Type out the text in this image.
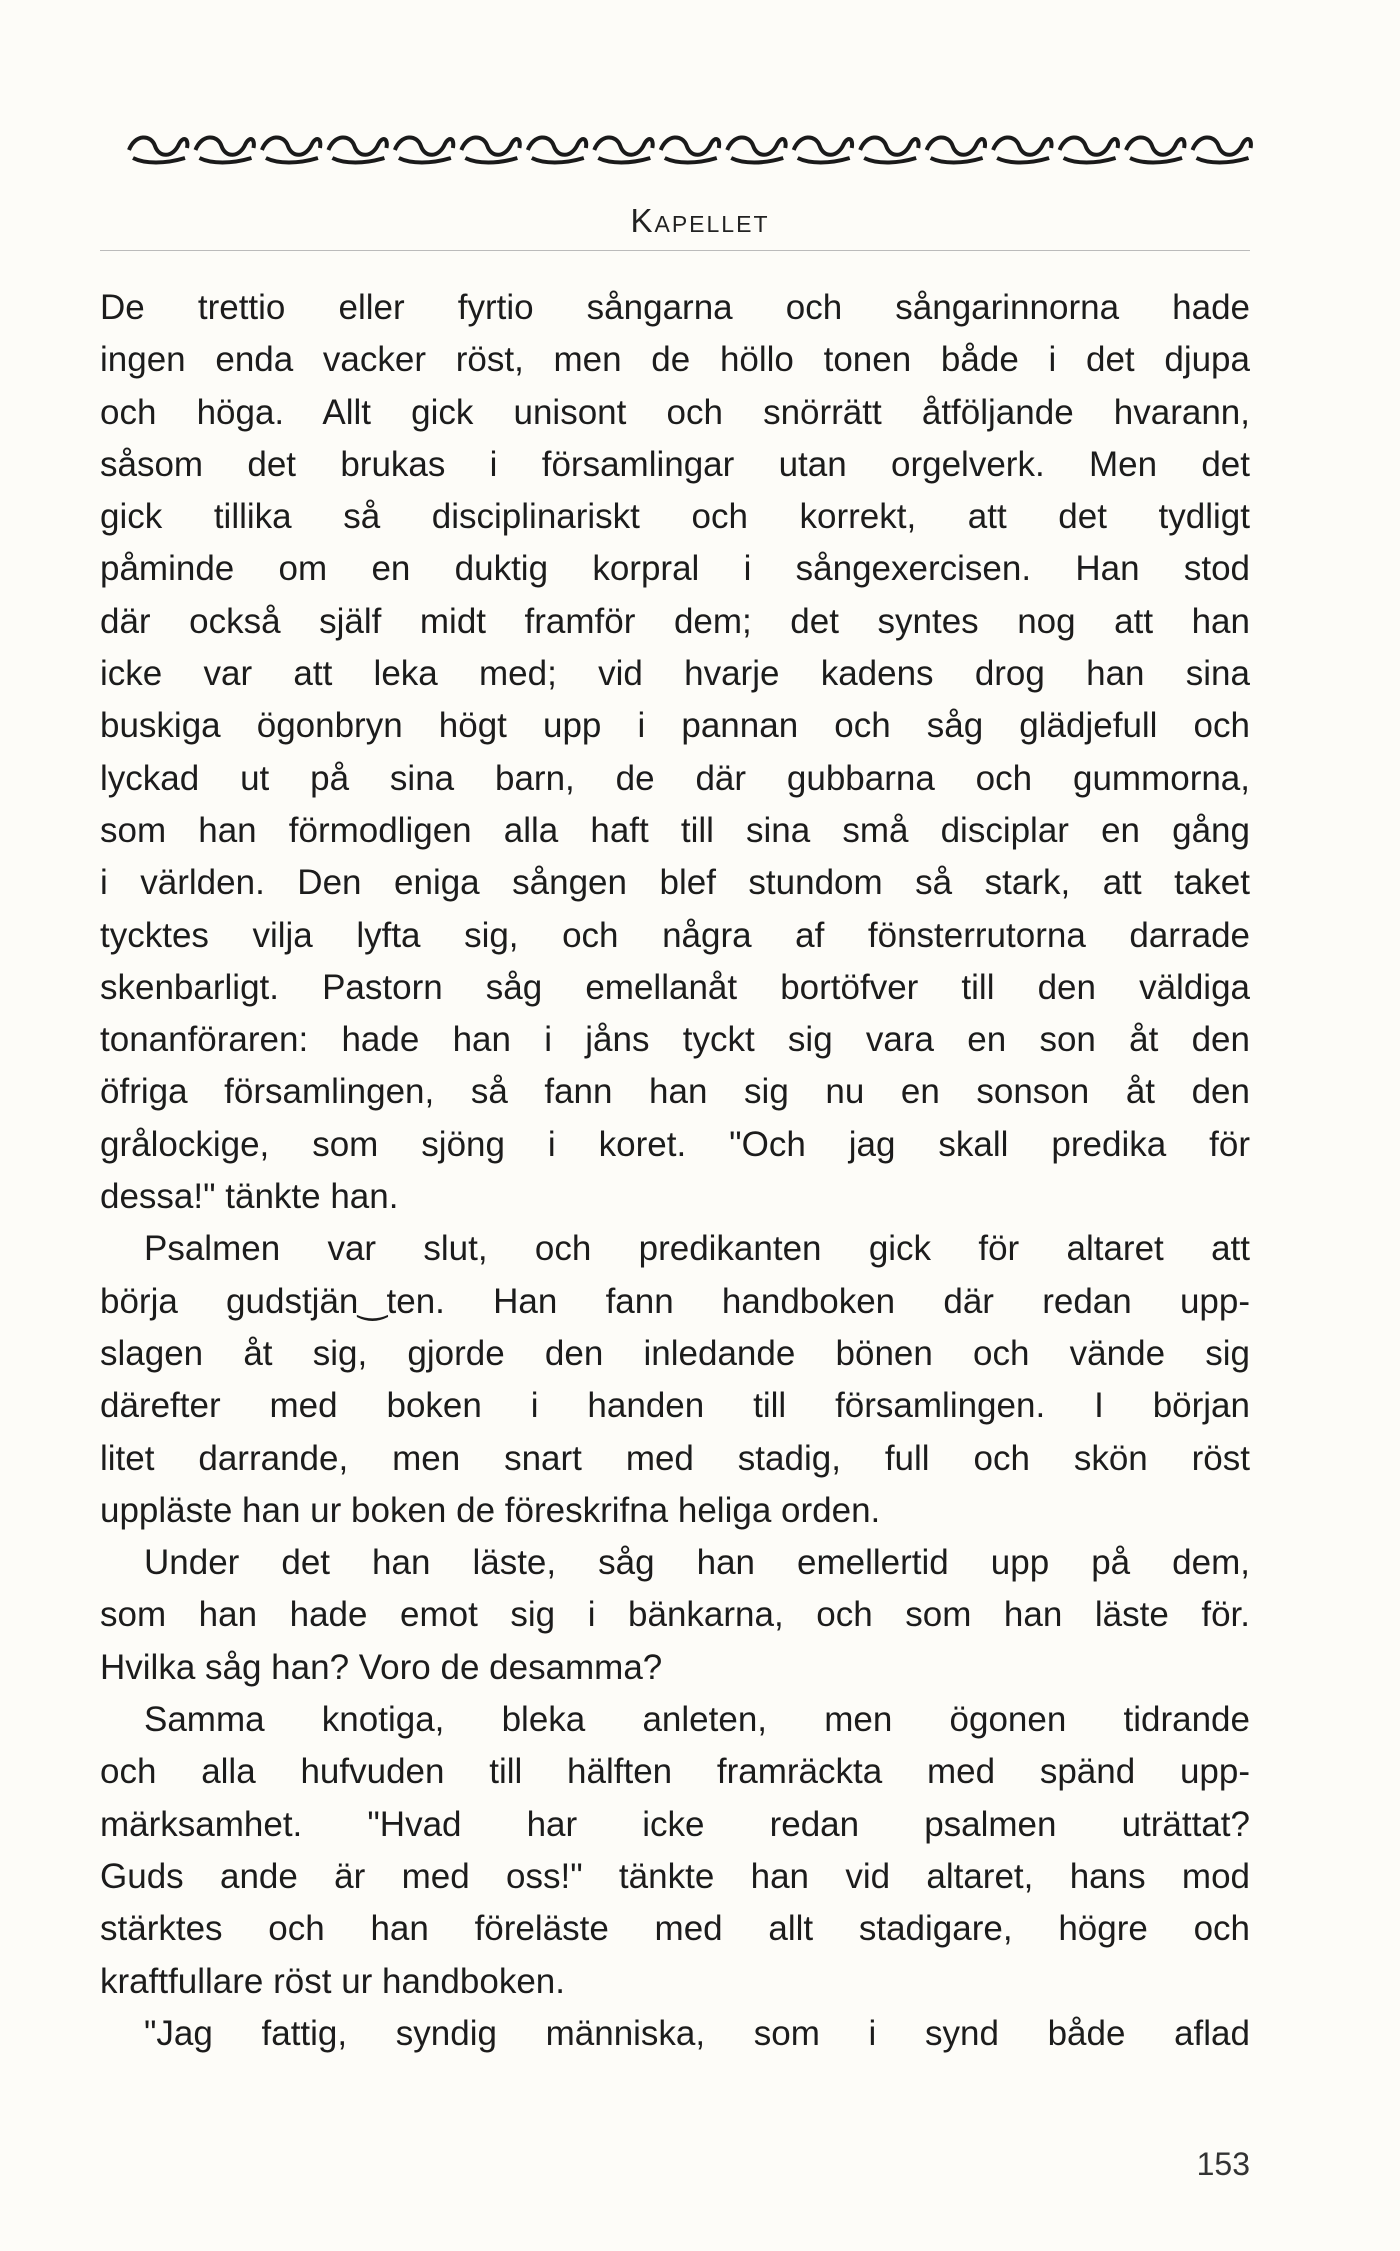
Kapellet
De trettio eller fyrtio sångarna och sångarinnorna hade
ingen enda vacker röst, men de höllo tonen både i det djupa
och höga. Allt gick unisont och snörrätt åtföljande hvarann,
såsom det brukas i församlingar utan orgelverk. Men det
gick tillika så disciplinariskt och korrekt, att det tydligt
påminde om en duktig korpral i sångexercisen. Han stod
där också själf midt framför dem; det syntes nog att han
icke var att leka med; vid hvarje kadens drog han sina
buskiga ögonbryn högt upp i pannan och såg glädjefull och
lyckad ut på sina barn, de där gubbarna och gummorna,
som han förmodligen alla haft till sina små disciplar en gång
i världen. Den eniga sången blef stundom så stark, att taket
tycktes vilja lyfta sig, och några af fönsterrutorna darrade
skenbarligt. Pastorn såg emellanåt bortöfver till den väldiga
tonanföraren: hade han i jåns tyckt sig vara en son åt den
öfriga församlingen, så fann han sig nu en sonson åt den
grålockige, som sjöng i koret. "Och jag skall predika för
dessa!" tänkte han.
Psalmen var slut, och predikanten gick för altaret att
börja gudstjän‿ten. Han fann handboken där redan upp-
slagen åt sig, gjorde den inledande bönen och vände sig
därefter med boken i handen till församlingen. I början
litet darrande, men snart med stadig, full och skön röst
uppläste han ur boken de föreskrifna heliga orden.
Under det han läste, såg han emellertid upp på dem,
som han hade emot sig i bänkarna, och som han läste för.
Hvilka såg han? Voro de desamma?
Samma knotiga, bleka anleten, men ögonen tidrande
och alla hufvuden till hälften framräckta med spänd upp-
märksamhet. "Hvad har icke redan psalmen uträttat?
Guds ande är med oss!" tänkte han vid altaret, hans mod
stärktes och han föreläste med allt stadigare, högre och
kraftfullare röst ur handboken.
"Jag fattig, syndig människa, som i synd både aflad
153
